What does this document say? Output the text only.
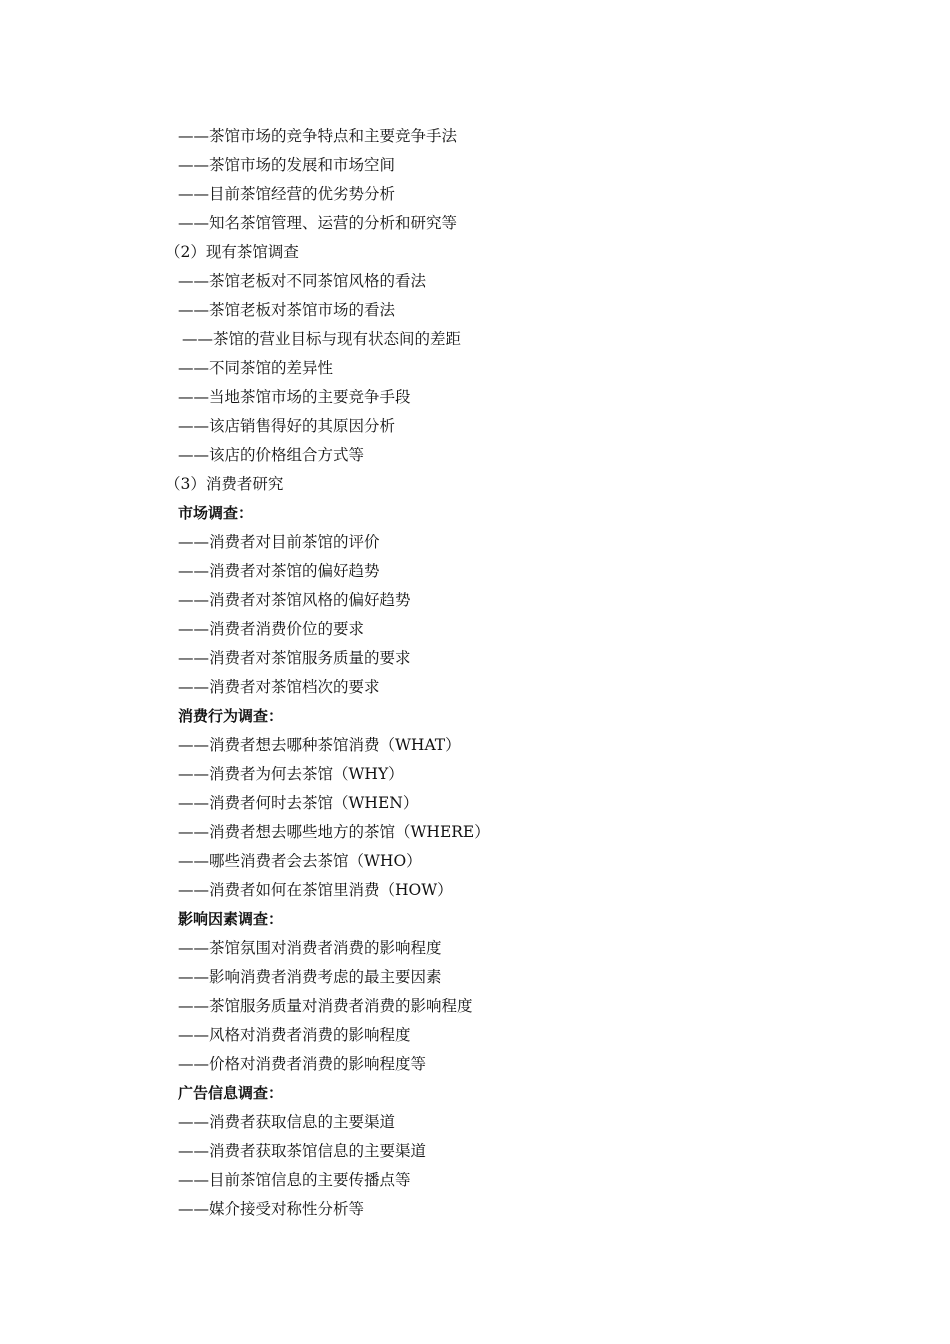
——茶馆市场的竞争特点和主要竞争手法
——茶馆市场的发展和市场空间
——目前茶馆经营的优劣势分析
——知名茶馆管理、运营的分析和研究等
（2）现有茶馆调查
——茶馆老板对不同茶馆风格的看法
——茶馆老板对茶馆市场的看法
——茶馆的营业目标与现有状态间的差距
——不同茶馆的差异性
——当地茶馆市场的主要竞争手段
——该店销售得好的其原因分析
——该店的价格组合方式等
（3）消费者研究
市场调查：
——消费者对目前茶馆的评价
——消费者对茶馆的偏好趋势
——消费者对茶馆风格的偏好趋势
——消费者消费价位的要求
——消费者对茶馆服务质量的要求
——消费者对茶馆档次的要求
消费行为调查：
——消费者想去哪种茶馆消费（WHAT）
——消费者为何去茶馆（WHY）
——消费者何时去茶馆（WHEN）
——消费者想去哪些地方的茶馆（WHERE）
——哪些消费者会去茶馆（WHO）
——消费者如何在茶馆里消费（HOW）
影响因素调查：
——茶馆氛围对消费者消费的影响程度
——影响消费者消费考虑的最主要因素
——茶馆服务质量对消费者消费的影响程度
——风格对消费者消费的影响程度
——价格对消费者消费的影响程度等
广告信息调查：
——消费者获取信息的主要渠道
——消费者获取茶馆信息的主要渠道
——目前茶馆信息的主要传播点等
——媒介接受对称性分析等
